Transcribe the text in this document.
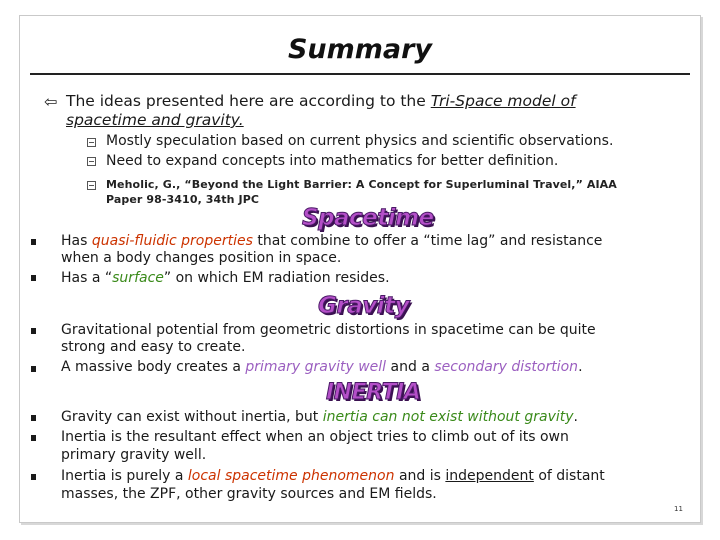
Summary
⇦ The ideas presented here are according to the Tri-Space model of
spacetime and gravity.
Mostly speculation based on current physics and scientific observations.
Need to expand concepts into mathematics for better definition.
Meholic, G., “Beyond the Light Barrier: A Concept for Superluminal Travel,” AIAA
Paper 98-3410, 34th JPC
Spacetime
Has quasi-fluidic properties that combine to offer a “time lag” and resistance
when a body changes position in space.
Has a “surface” on which EM radiation resides.
Gravity
Gravitational potential from geometric distortions in spacetime can be quite
strong and easy to create.
A massive body creates a primary gravity well and a secondary distortion.
INERTIA
Gravity can exist without inertia, but inertia can not exist without gravity.
Inertia is the resultant effect when an object tries to climb out of its own
primary gravity well.
Inertia is purely a local spacetime phenomenon and is independent of distant
masses, the ZPF, other gravity sources and EM fields.
11
